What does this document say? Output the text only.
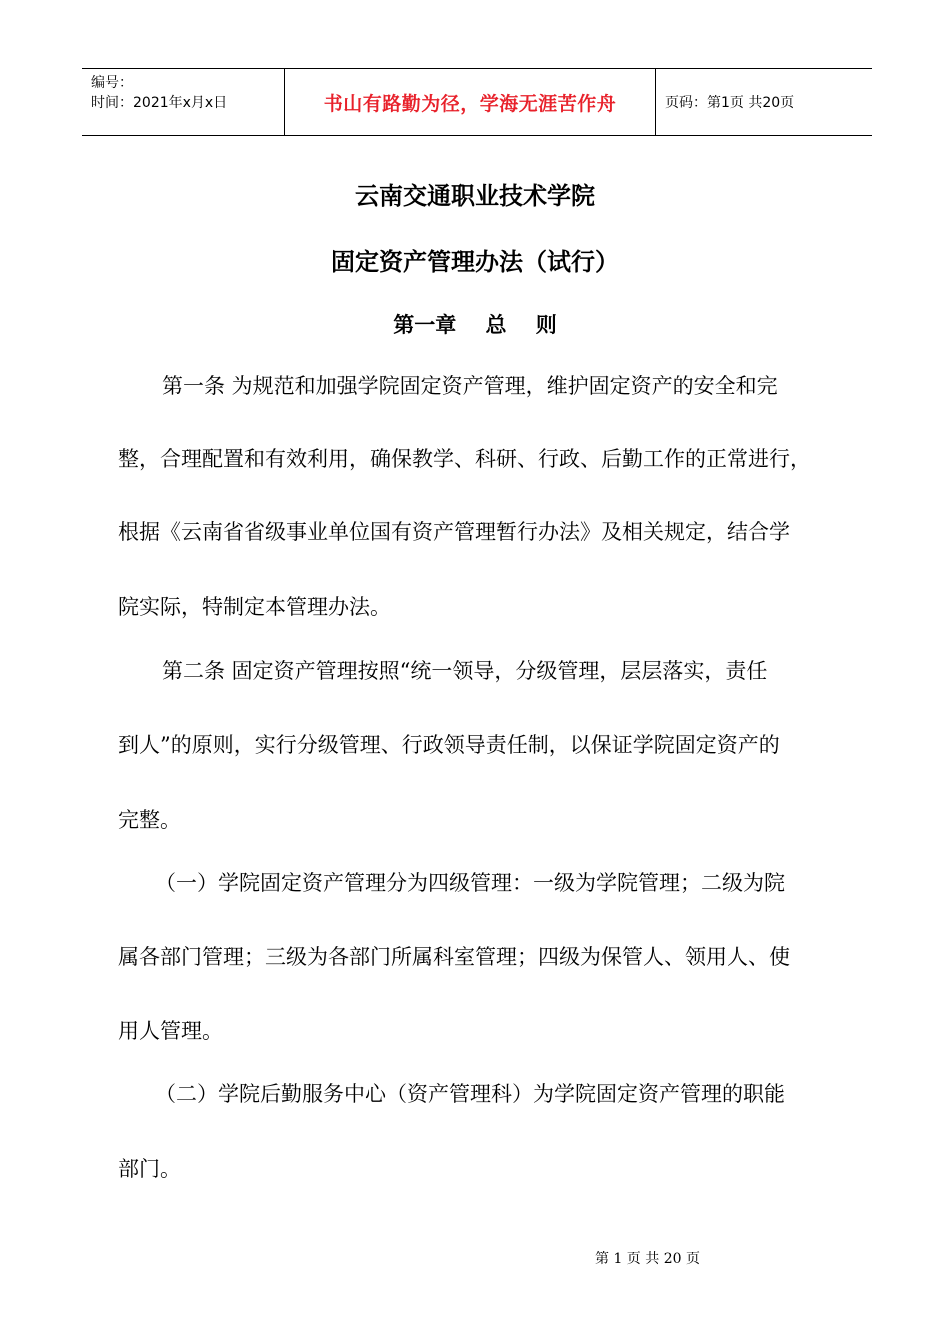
编号：
时间：2021年x月x日	书山有路勤为径，学海无涯苦作舟	页码：第1页 共20页
云南交通职业技术学院
固定资产管理办法（试行）
第一章    总    则
第一条 为规范和加强学院固定资产管理，维护固定资产的安全和完
整，合理配置和有效利用，确保教学、科研、行政、后勤工作的正常进行，
根据《云南省省级事业单位国有资产管理暂行办法》及相关规定，结合学
院实际，特制定本管理办法。
第二条 固定资产管理按照“统一领导，分级管理，层层落实，责任
到人”的原则，实行分级管理、行政领导责任制，以保证学院固定资产的
完整。
（一）学院固定资产管理分为四级管理：一级为学院管理；二级为院
属各部门管理；三级为各部门所属科室管理；四级为保管人、领用人、使
用人管理。
（二）学院后勤服务中心（资产管理科）为学院固定资产管理的职能
部门。
第 1 页 共 20 页
